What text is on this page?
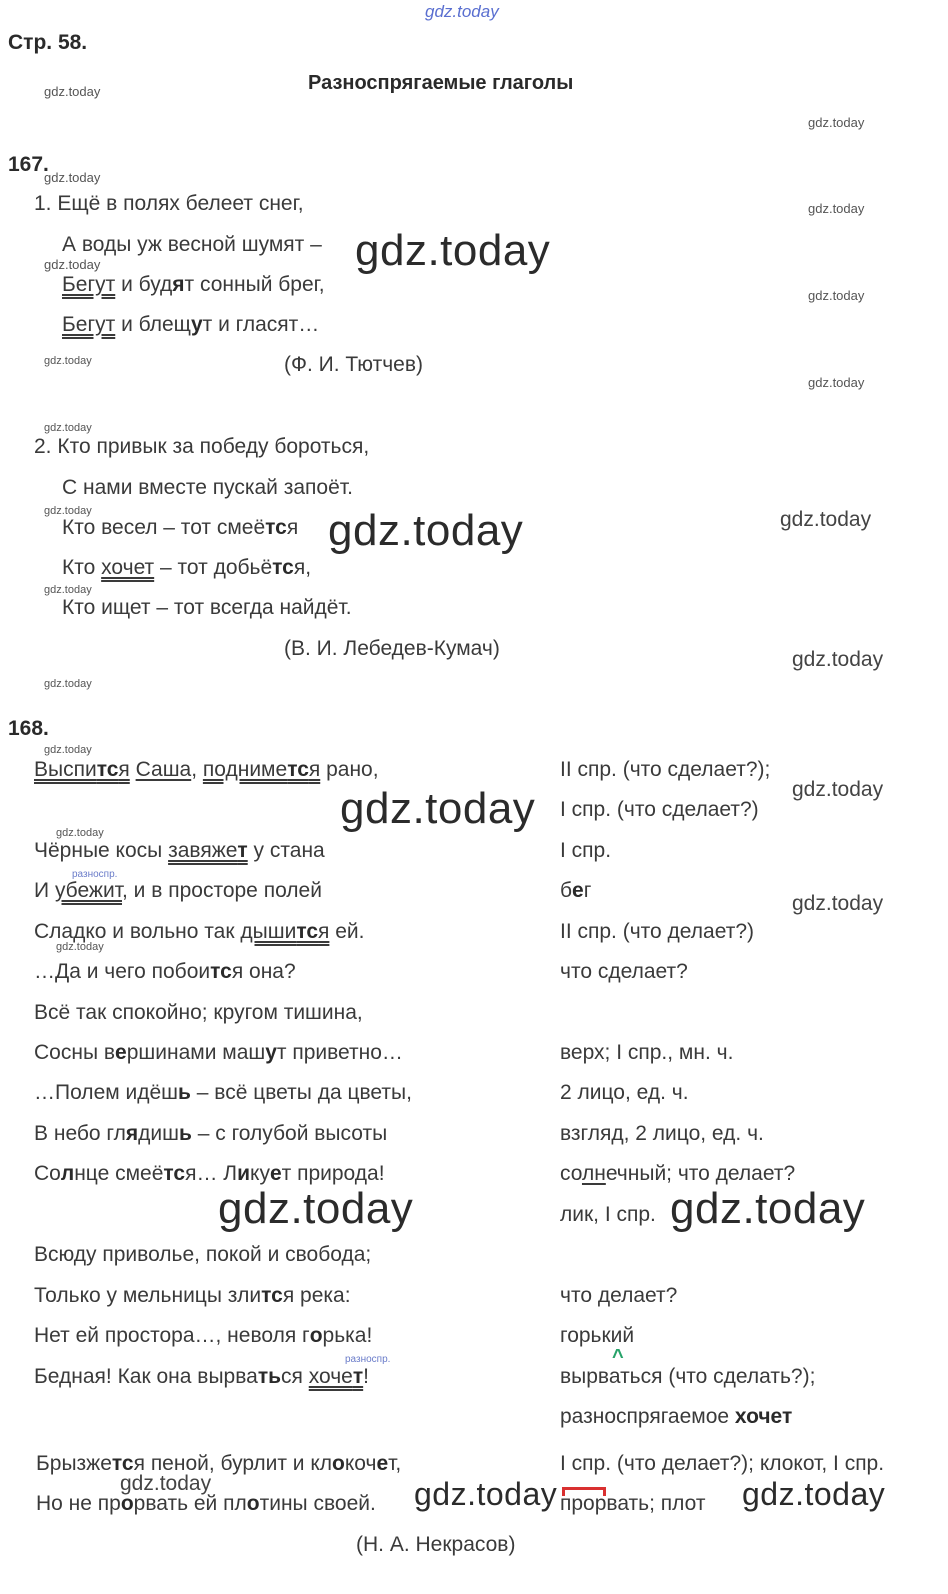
gdz.today
Стр. 58.
Разноспрягаемые глаголы
gdz.today
gdz.today
gdz.today
gdz.today
gdz.today
gdz.today
gdz.today
gdz.today
gdz.today
gdz.today
gdz.today
gdz.today
gdz.today
gdz.today
gdz.today
gdz.today
gdz.today
gdz.today
gdz.today
gdz.today
gdz.today
gdz.today
gdz.today
gdz.today	gdz.today
gdz.today	gdz.today
167.
1. Ещё в полях белеет снег,
А воды уж весной шумят –
Бегут и будят сонный брег,
Бегут и блещут и гласят…
(Ф. И. Тютчев)
2. Кто привык за победу бороться,
С нами вместе пускай запоёт.
Кто весел – тот смеётся
Кто хочет – тот добьётся,
Кто ищет – тот всегда найдёт.
(В. И. Лебедев-Кумач)
168.
Выспится Саша, поднимется рано,
Чёрные косы завяжет у стана
разноспр.
И убежит, и в просторе полей
Сладко и вольно так дышится ей.
…Да и чего побоится она?
Всё так спокойно; кругом тишина,
Сосны вершинами машут приветно…
…Полем идёшь – всё цветы да цветы,
В небо глядишь – с голубой высоты
Солнце смеётся… Ликует природа!
Всюду приволье, покой и свобода;
Только у мельницы злится река:
Нет ей простора…, неволя горька!
разноспр.
Бедная! Как она вырваться хочет!
Брызжется пеной, бурлит и клокочет,
Но не прорвать ей плотины своей.
(Н. А. Некрасов)
II спр. (что сделает?);
I спр. (что сделает?)
I спр.
бег
II спр. (что делает?)
что сделает?
верх; I спр., мн. ч.
2 лицо, ед. ч.
взгляд, 2 лицо, ед. ч.
солнечный; что делает?
лик, I спр.
что делает?
горький
^
вырваться (что сделать?);
разноспрягаемое хочет
I спр. (что делает?); клокот, I спр.
прорвать; плот
